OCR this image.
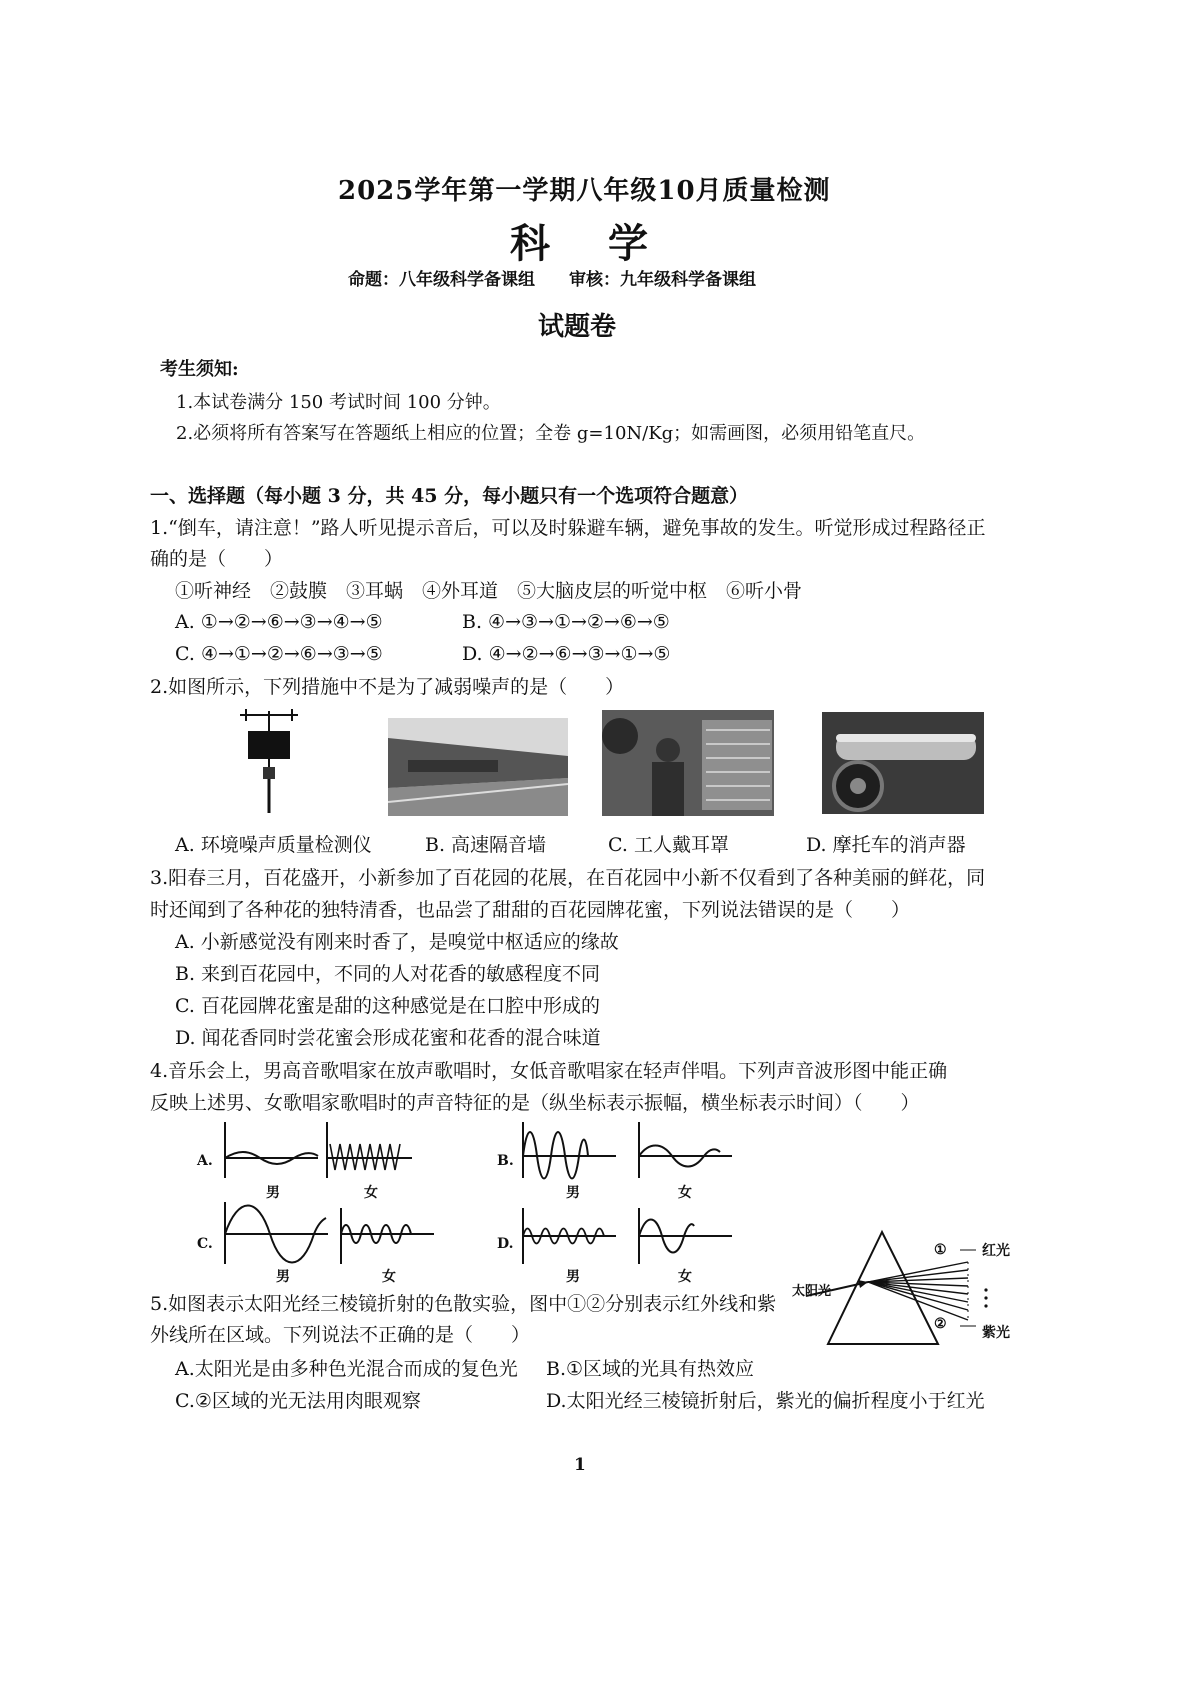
2025学年第一学期八年级10月质量检测
科学
命题：八年级科学备课组　　审核：九年级科学备课组
试题卷
考生须知:
1.本试卷满分 150 考试时间 100 分钟。
2.必须将所有答案写在答题纸上相应的位置；全卷 g=10N/Kg；如需画图，必须用铅笔直尺。
一、选择题（每小题 3 分，共 45 分，每小题只有一个选项符合题意）
1.“倒车，请注意！”路人听见提示音后，可以及时躲避车辆，避免事故的发生。听觉形成过程路径正
确的是（　　）
①听神经　②鼓膜　③耳蜗　④外耳道　⑤大脑皮层的听觉中枢　⑥听小骨
A. ①→②→⑥→③→④→⑤	B. ④→③→①→②→⑥→⑤
C. ④→①→②→⑥→③→⑤	D. ④→②→⑥→③→①→⑤
2.如图所示，下列措施中不是为了减弱噪声的是（　　）
A. 环境噪声质量检测仪	B. 高速隔音墙	C. 工人戴耳罩	D. 摩托车的消声器
3.阳春三月，百花盛开，小新参加了百花园的花展，在百花园中小新不仅看到了各种美丽的鲜花，同
时还闻到了各种花的独特清香，也品尝了甜甜的百花园牌花蜜，下列说法错误的是（　　）
A. 小新感觉没有刚来时香了，是嗅觉中枢适应的缘故
B. 来到百花园中，不同的人对花香的敏感程度不同
C. 百花园牌花蜜是甜的这种感觉是在口腔中形成的
D. 闻花香同时尝花蜜会形成花蜜和花香的混合味道
4.音乐会上，男高音歌唱家在放声歌唱时，女低音歌唱家在轻声伴唱。下列声音波形图中能正确
反映上述男、女歌唱家歌唱时的声音特征的是（纵坐标表示振幅，横坐标表示时间）（　　）
A.
男	女
B.
男	女
C.
男	女
D.
男	女
5.如图表示太阳光经三棱镜折射的色散实验，图中①②分别表示红外线和紫
外线所在区域。下列说法不正确的是（　　）
①	红光
太阳光
②
紫光
A.太阳光是由多种色光混合而成的复色光 B.①区域的光具有热效应
C.②区域的光无法用肉眼观察	D.太阳光经三棱镜折射后，紫光的偏折程度小于红光
1
